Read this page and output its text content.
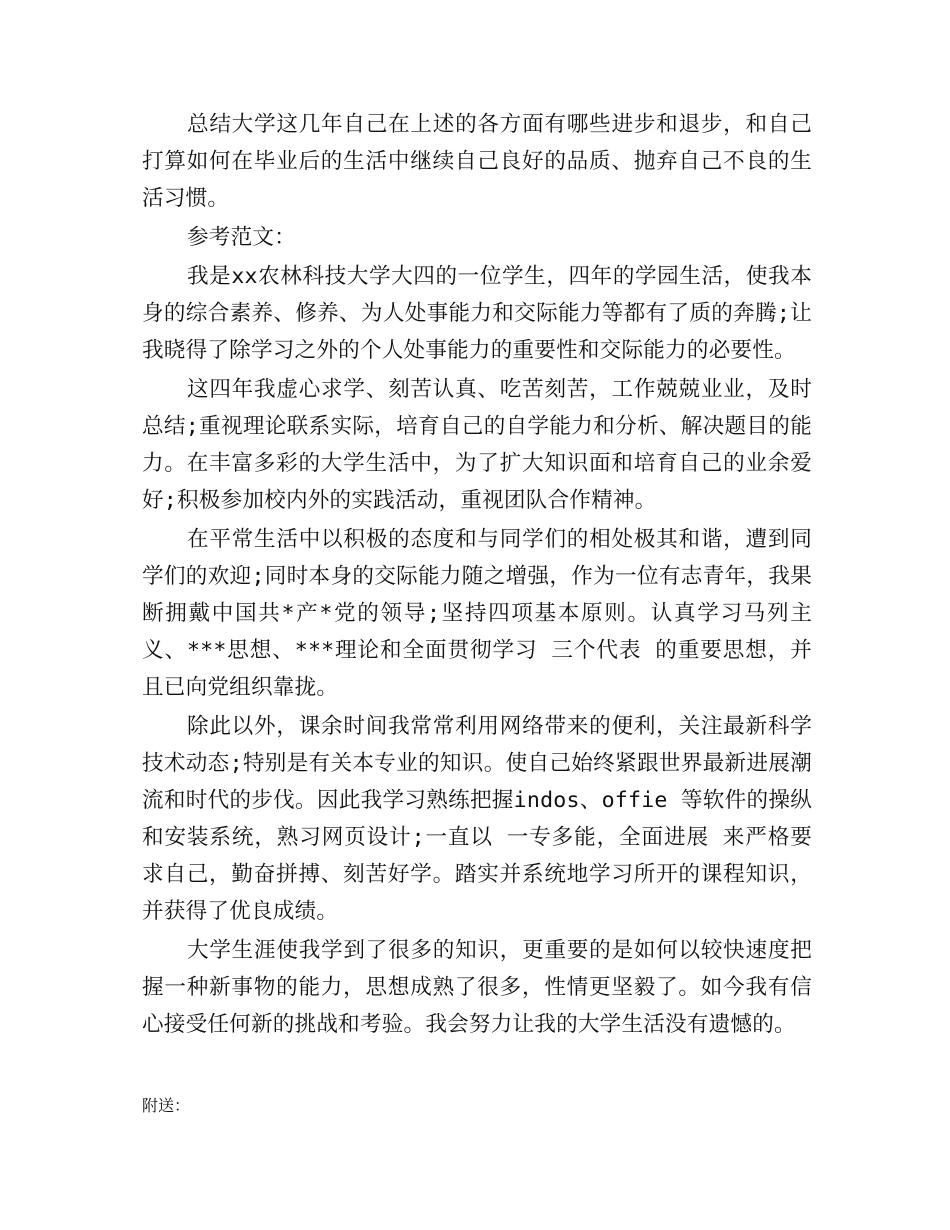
总结大学这几年自己在上述的各方面有哪些进步和退步，和自己打算如何在毕业后的生活中继续自己良好的品质、抛弃自己不良的生活习惯。

参考范文：

我是xx农林科技大学大四的一位学生，四年的学园生活，使我本身的综合素养、修养、为人处事能力和交际能力等都有了质的奔腾;让我晓得了除学习之外的个人处事能力的重要性和交际能力的必要性。

这四年我虚心求学、刻苦认真、吃苦刻苦，工作兢兢业业，及时总结;重视理论联系实际，培育自己的自学能力和分析、解决题目的能力。在丰富多彩的大学生活中，为了扩大知识面和培育自己的业余爱好;积极参加校内外的实践活动，重视团队合作精神。

在平常生活中以积极的态度和与同学们的相处极其和谐，遭到同学们的欢迎;同时本身的交际能力随之增强，作为一位有志青年，我果断拥戴中国共*产*党的领导;坚持四项基本原则。认真学习马列主义、***思想、***理论和全面贯彻学习 三个代表 的重要思想，并且已向党组织靠拢。

除此以外，课余时间我常常利用网络带来的便利，关注最新科学技术动态;特别是有关本专业的知识。使自己始终紧跟世界最新进展潮流和时代的步伐。因此我学习熟练把握indos、offie 等软件的操纵和安装系统，熟习网页设计;一直以 一专多能，全面进展 来严格要求自己，勤奋拼搏、刻苦好学。踏实并系统地学习所开的课程知识，并获得了优良成绩。

大学生涯使我学到了很多的知识，更重要的是如何以较快速度把握一种新事物的能力，思想成熟了很多，性情更坚毅了。如今我有信心接受任何新的挑战和考验。我会努力让我的大学生活没有遗憾的。

附送：
